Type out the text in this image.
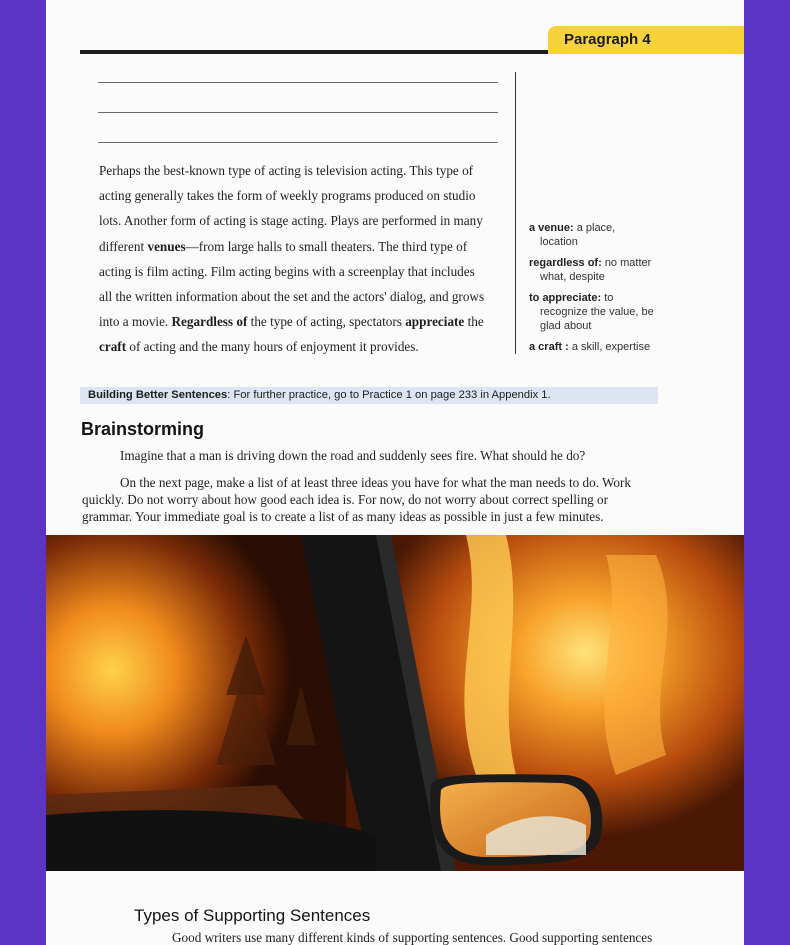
Paragraph 4
Perhaps the best-known type of acting is television acting. This type of
acting generally takes the form of weekly programs produced on studio
lots. Another form of acting is stage acting. Plays are performed in many
different venues—from large halls to small theaters. The third type of
acting is film acting. Film acting begins with a screenplay that includes
all the written information about the set and the actors' dialog, and grows
into a movie. Regardless of the type of acting, spectators appreciate the
craft of acting and the many hours of enjoyment it provides.
a venue: a place,
location
regardless of: no matter
what, despite
to appreciate: to
recognize the value, be
glad about
a craft : a skill, expertise
Building Better Sentences: For further practice, go to Practice 1 on page 233 in Appendix 1.
Brainstorming
Imagine that a man is driving down the road and suddenly sees fire. What should he do?
On the next page, make a list of at least three ideas you have for what the man needs to do. Work
quickly. Do not worry about how good each idea is. For now, do not worry about correct spelling or
grammar. Your immediate goal is to create a list of as many ideas as possible in just a few minutes.
Types of Supporting Sentences
Good writers use many different kinds of supporting sentences. Good supporting sentences
